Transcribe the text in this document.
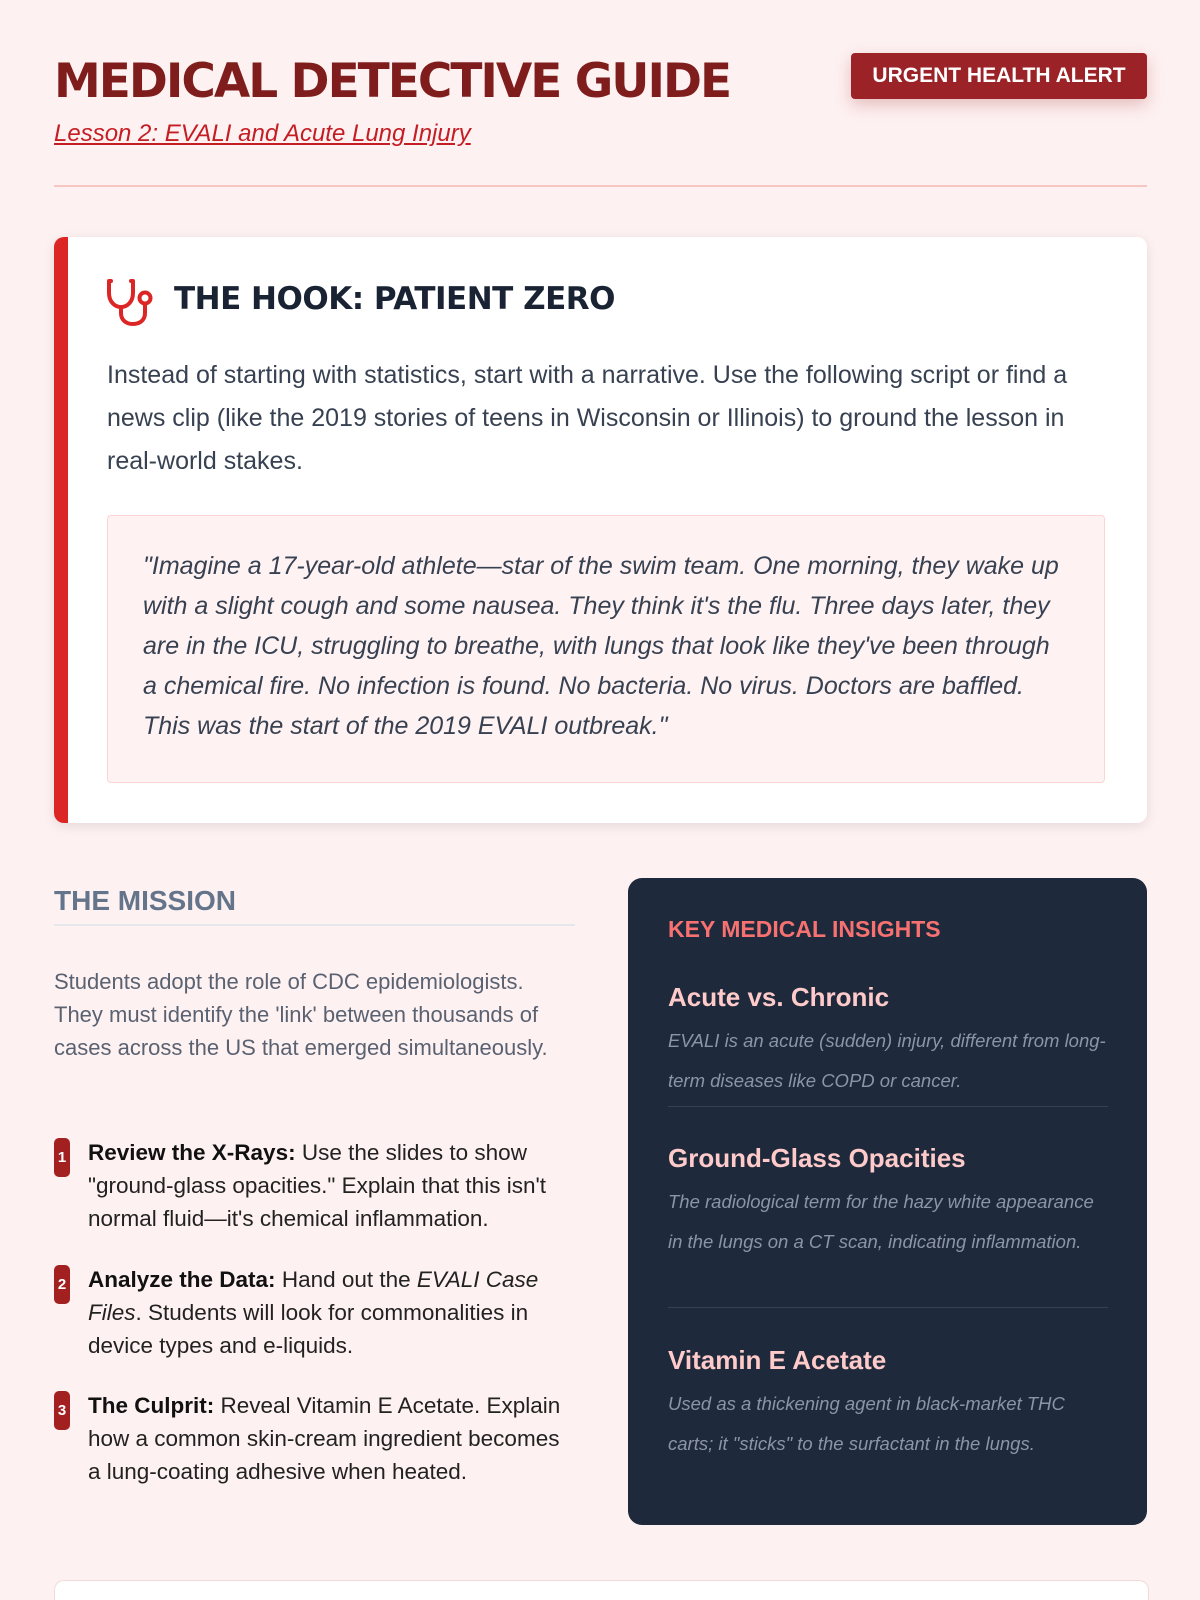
MEDICAL DETECTIVE GUIDE
Lesson 2: EVALI and Acute Lung Injury
URGENT HEALTH ALERT
THE HOOK: PATIENT ZERO

Instead of starting with statistics, start with a narrative. Use the following script or find a news clip (like the 2019 stories of teens in Wisconsin or Illinois) to ground the lesson in real-world stakes.

"Imagine a 17-year-old athlete—star of the swim team. One morning, they wake up with a slight cough and some nausea. They think it's the flu. Three days later, they are in the ICU, struggling to breathe, with lungs that look like they've been through a chemical fire. No infection is found. No bacteria. No virus. Doctors are baffled. This was the start of the 2019 EVALI outbreak."
THE MISSION

Students adopt the role of CDC epidemiologists. They must identify the 'link' between thousands of cases across the US that emerged simultaneously.

1 Review the X-Rays: Use the slides to show "ground-glass opacities." Explain that this isn't normal fluid—it's chemical inflammation.

2 Analyze the Data: Hand out the EVALI Case Files. Students will look for commonalities in device types and e-liquids.

3 The Culprit: Reveal Vitamin E Acetate. Explain how a common skin-cream ingredient becomes a lung-coating adhesive when heated.

KEY MEDICAL INSIGHTS
Acute vs. Chronic

EVALI is an acute (sudden) injury, different from long-term diseases like COPD or cancer.

Ground-Glass Opacities

The radiological term for the hazy white appearance in the lungs on a CT scan, indicating inflammation.

Vitamin E Acetate

Used as a thickening agent in black-market THC carts; it "sticks" to the surfactant in the lungs.
